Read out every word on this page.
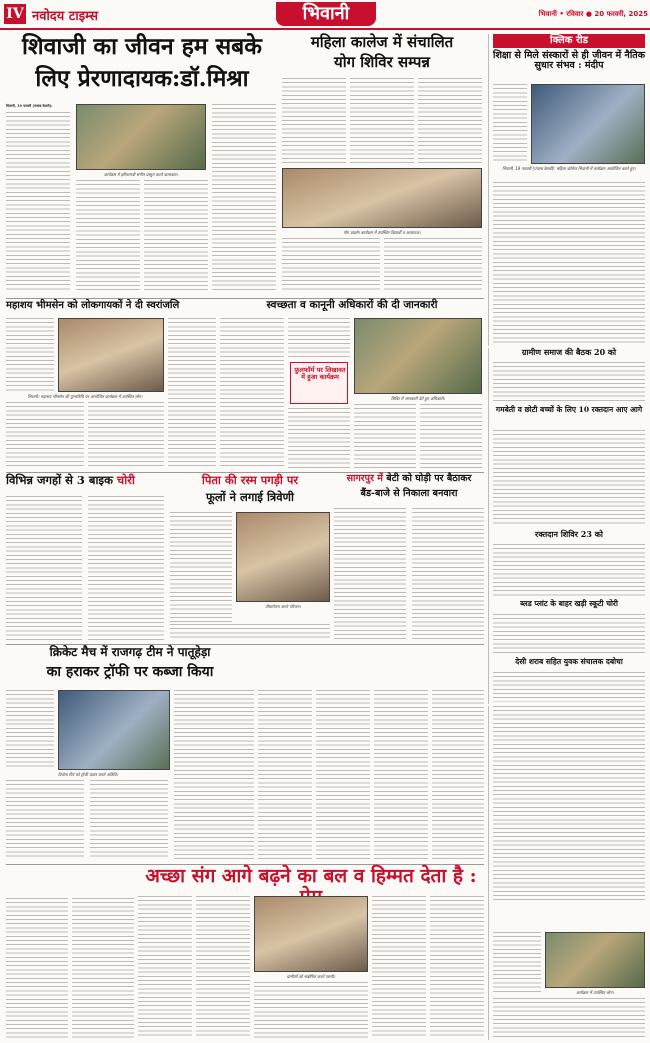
IV नवोदय टाइम्स	भिवानी	भिवानी • रविवार ● 20 फरवरी, 2025
शिवाजी का जीवन हम सबके
लिए प्रेरणादायक:डॉ.मिश्रा
भिवानी, 19 फरवरी (पंजाब केसरी):
कार्यक्रम में हरियाणवी संगीत प्रस्तुत करते कलाकार।
महिला कालेज में संचालित
योग शिविर सम्पन्न
योग प्रदर्शन कार्यक्रम में उपस्थित विद्यार्थी व अध्यापक।
क्लिक रीड
शिक्षा से मिले संस्कारों से ही जीवन में नैतिक सुधार संभव : मंदीप
भिवानी, 19 फरवरी (पंजाब केसरी): महिला कॉलेज भिवानी में कार्यक्रम आयोजित करते हुए।
महाशय भीमसेन को लोकगायकों ने दी स्वरांजलि
भिवानी। महाशय भीमसेन की पुण्यतिथि पर आयोजित कार्यक्रम में उपस्थित लोग।
स्वच्छता व कानूनी अधिकारों की दी जानकारी
फुलफॉर्म पर लिखावत में हुआ कार्यक्रम
शिविर में जानकारी देते हुए अधिकारी।
विभिन्न जगहों से 3 बाइक चोरी	पिता की रस्म पगड़ी पर
फूलों ने लगाई त्रिवेणी
पौधारोपण करते परिजन।
सागरपुर में बेटी को घोड़ी पर बैठाकर
बैंड-बाजे से निकाला बनवारा
ग्रामीण समाज की बैठक 20 को
गमबेती व छोटी बच्चों के लिए 10 रक्तदान आए आगे
रक्तदान शिविर 23 को
ब्लड प्लांट के बाहर खड़ी स्कूटी चोरी
देसी शराब सहित युवक संचालक दबोचा
क्रिकेट मैच में राजगढ़ टीम ने पातूहेड़ा
का हराकर ट्रॉफी पर कब्जा किया
विजेता टीम को ट्रॉफी प्रदान करते अतिथि।
अच्छा संग आगे बढ़ने का बल व हिम्मत देता है :
ग्रामीणों को संबोधित करते एसपी।
कार्यक्रम में उपस्थित लोग।
